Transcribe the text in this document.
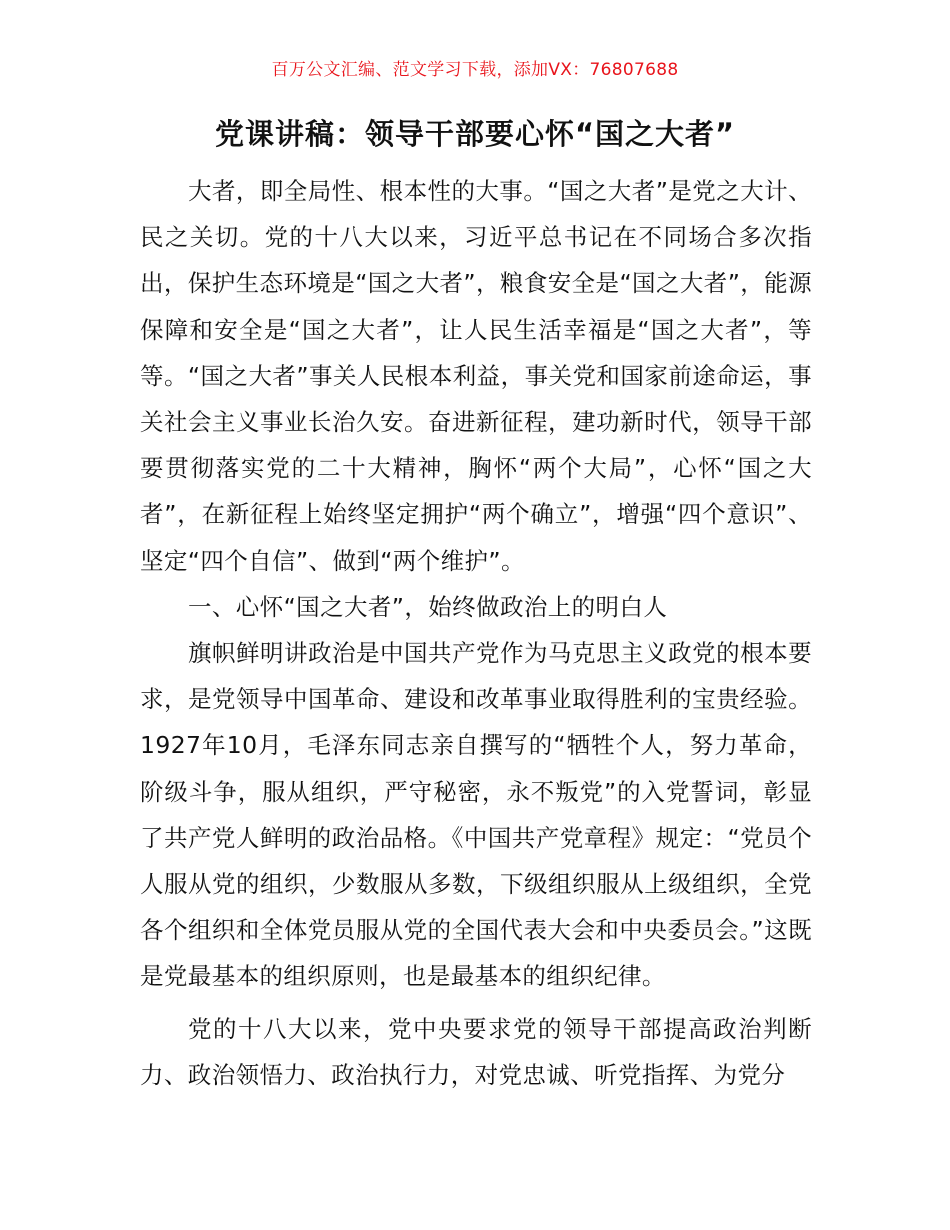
百万公文汇编、范文学习下载，添加VX：76807688
党课讲稿：领导干部要心怀“国之大者”

大者，即全局性、根本性的大事。“国之大者”是党之大计、民之关切。党的十八大以来，习近平总书记在不同场合多次指出，保护生态环境是“国之大者”，粮食安全是“国之大者”，能源保障和安全是“国之大者”，让人民生活幸福是“国之大者”，等等。“国之大者”事关人民根本利益，事关党和国家前途命运，事关社会主义事业长治久安。奋进新征程，建功新时代，领导干部要贯彻落实党的二十大精神，胸怀“两个大局”，心怀“国之大者”，在新征程上始终坚定拥护“两个确立”，增强“四个意识”、坚定“四个自信”、做到“两个维护”。

一、心怀“国之大者”，始终做政治上的明白人

旗帜鲜明讲政治是中国共产党作为马克思主义政党的根本要求，是党领导中国革命、建设和改革事业取得胜利的宝贵经验。1927年10月，毛泽东同志亲自撰写的“牺牲个人，努力革命，阶级斗争，服从组织，严守秘密，永不叛党”的入党誓词，彰显了共产党人鲜明的政治品格。《中国共产党章程》规定：“党员个人服从党的组织，少数服从多数，下级组织服从上级组织，全党各个组织和全体党员服从党的全国代表大会和中央委员会。”这既是党最基本的组织原则，也是最基本的组织纪律。

党的十八大以来，党中央要求党的领导干部提高政治判断力、政治领悟力、政治执行力，对党忠诚、听党指挥、为党分
